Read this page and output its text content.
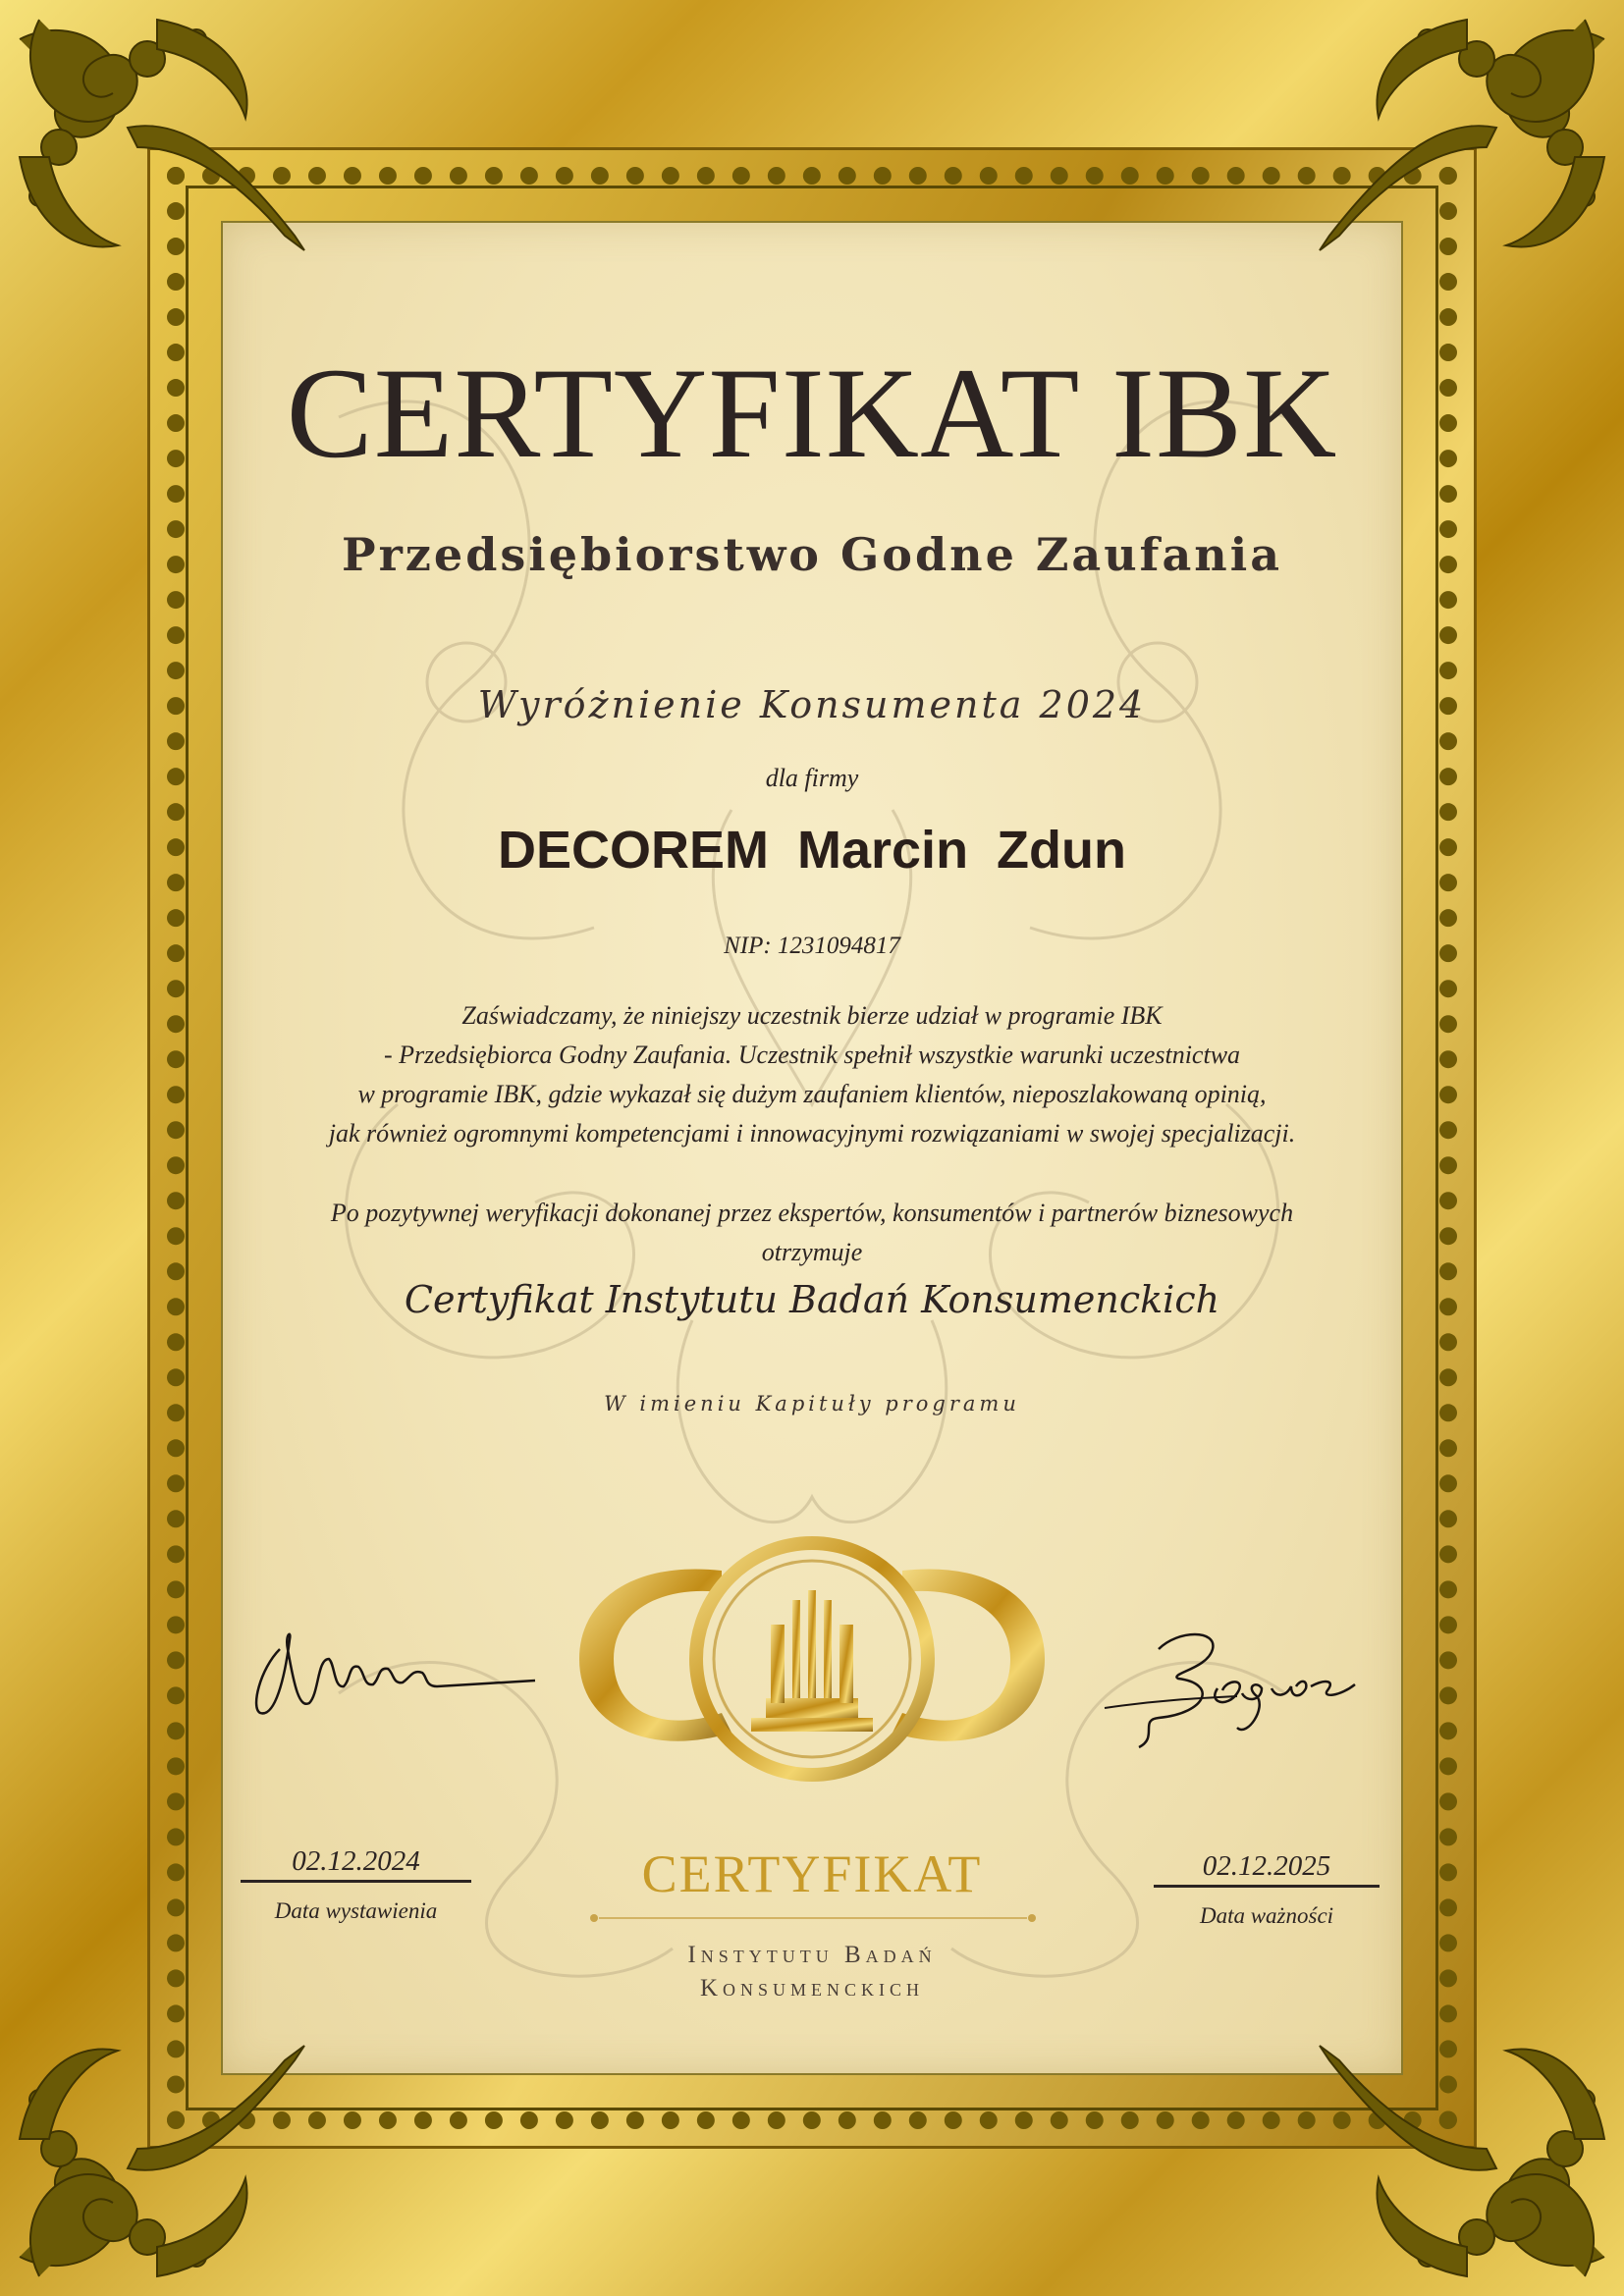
CERTYFIKAT IBK
Przedsiębiorstwo Godne Zaufania
Wyróżnienie Konsumenta 2024
dla firmy
DECOREM Marcin Zdun
NIP: 1231094817
Zaświadczamy, że niniejszy uczestnik bierze udział w programie IBK
- Przedsiębiorca Godny Zaufania. Uczestnik spełnił wszystkie warunki uczestnictwa
w programie IBK, gdzie wykazał się dużym zaufaniem klientów, nieposzlakowaną opinią,
jak również ogromnymi kompetencjami i innowacyjnymi rozwiązaniami w swojej specjalizacji.
Po pozytywnej weryfikacji dokonanej przez ekspertów, konsumentów i partnerów biznesowych
otrzymuje
Certyfikat Instytutu Badań Konsumenckich
W imieniu Kapituły programu
CERTYFIKAT
Instytutu Badań
Konsumenckich
02.12.2024
Data wystawienia
02.12.2025
Data ważności
